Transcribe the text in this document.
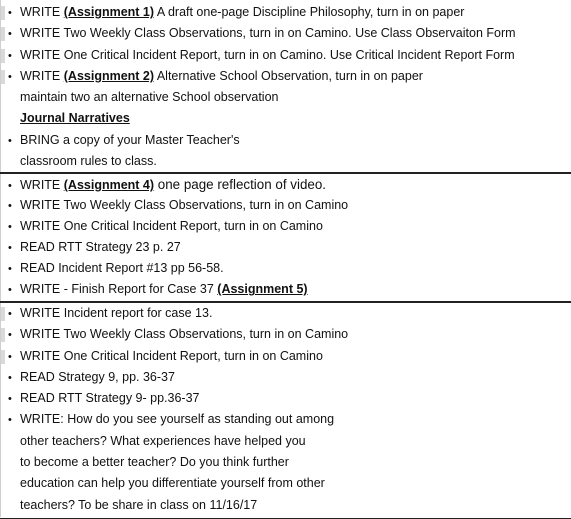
• WRITE (Assignment 1) A draft one-page Discipline Philosophy, turn in on paper
• WRITE Two Weekly Class Observations, turn in on Camino. Use Class Observaiton Form
• WRITE One Critical Incident Report, turn in on Camino. Use Critical Incident Report Form
• WRITE (Assignment 2) Alternative School Observation, turn in on paper
maintain two an alternative School observation
Journal Narratives
• BRING a copy of your Master Teacher's
classroom rules to class.
• WRITE (Assignment 4) one page reflection of video.
• WRITE Two Weekly Class Observations, turn in on Camino
• WRITE One Critical Incident Report, turn in on Camino
• READ RTT Strategy 23 p. 27
• READ Incident Report #13 pp 56-58.
• WRITE - Finish Report for Case 37 (Assignment 5)
• WRITE Incident report for case 13.
• WRITE Two Weekly Class Observations, turn in on Camino
• WRITE One Critical Incident Report, turn in on Camino
• READ Strategy 9, pp. 36-37
• READ RTT Strategy 9- pp.36-37
• WRITE: How do you see yourself as standing out among
other teachers? What experiences have helped you
to become a better teacher? Do you think further
education can help you differentiate yourself from other
teachers? To be share in class on 11/16/17
